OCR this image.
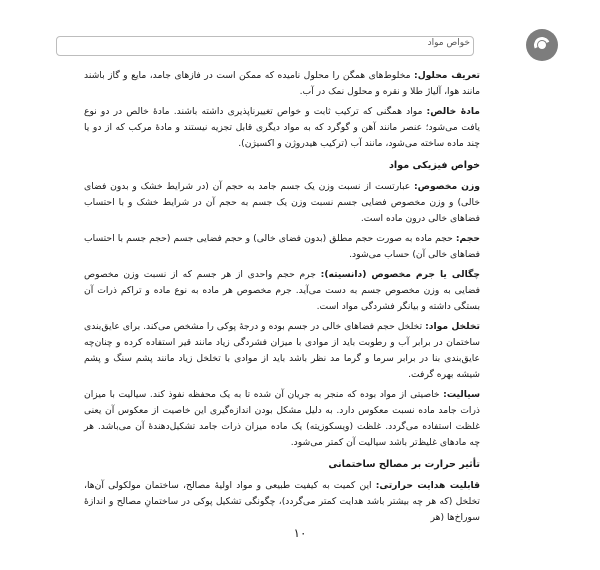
خواص مواد

تعریف محلول: مخلوط‌های همگن را محلول نامیده که ممکن است در فازهای جامد، مایع و گاز باشند مانند هوا، آلیاژ طلا و نقره و محلول نمک در آب.

مادهٔ خالص: مواد همگنی که ترکیب ثابت و خواص تغییرناپذیری داشته باشند. مادهٔ خالص در دو نوع یافت می‌شود؛ عنصر مانند آهن و گوگرد که به مواد دیگری قابل تجزیه نیستند و مادهٔ مرکب که از دو یا چند ماده ساخته می‌شود، مانند آب (ترکیب هیدروژن و اکسیژن).

خواص فیزیکی مواد

وزن مخصوص: عبارتست از نسبت وزن یک جسم جامد به حجم آن (در شرایط خشک و بدون فضای خالی) و وزن مخصوص فضایی جسم نسبت وزن یک جسم به حجم آن در شرایط خشک و با احتساب فضاهای خالی درون ماده است.

حجم: حجم ماده به صورت حجم مطلق (بدون فضای خالی) و حجم فضایی جسم (حجم جسم با احتساب فضاهای خالی آن) حساب می‌شود.

چگالی یا جرم مخصوص (دانسیته): جرم حجم واحدی از هر جسم که از نسبت وزن مخصوص فضایی به وزن مخصوص جسم به دست می‌آید. جرم مخصوص هر ماده به نوع ماده و تراکم ذرات آن بستگی داشته و بیانگر فشردگی مواد است.

تخلخل مواد: تخلخل حجم فضاهای خالی در جسم بوده و درجهٔ پوکی را مشخص می‌کند. برای عایق‌بندی ساختمان در برابر آب و رطوبت باید از موادی با میزان فشردگی زیاد مانند قیر استفاده کرده و چنان‌چه عایق‌بندی بنا در برابر سرما و گرما مد نظر باشد باید از موادی با تخلخل زیاد مانند پشم سنگ و پشم شیشه بهره گرفت.

سیالیت: خاصیتی از مواد بوده که منجر به جریان آن شده تا به یک محفظه نفوذ کند. سیالیت با میزان ذرات جامد ماده نسبت معکوس دارد. به دلیل مشکل بودن اندازه‌گیری این خاصیت از معکوس آن یعنی غلظت استفاده می‌گردد. غلظت (ویسکوزیته) یک ماده میزان ذرات جامد تشکیل‌دهندهٔ آن می‌باشد. هر چه مادهای غلیظ‌تر باشد سیالیت آن کمتر می‌شود.

تأثیر حرارت بر مصالح ساختمانی

قابلیت هدایت حرارتی: این کمیت به کیفیت طبیعی و مواد اولیهٔ مصالح، ساختمان مولکولی آن‌ها، تخلخل (که هر چه بیشتر باشد هدایت کمتر می‌گردد)، چگونگی تشکیل پوکی در ساختمانِ مصالح و اندازهٔ سوراخ‌ها (هر

۱۰
